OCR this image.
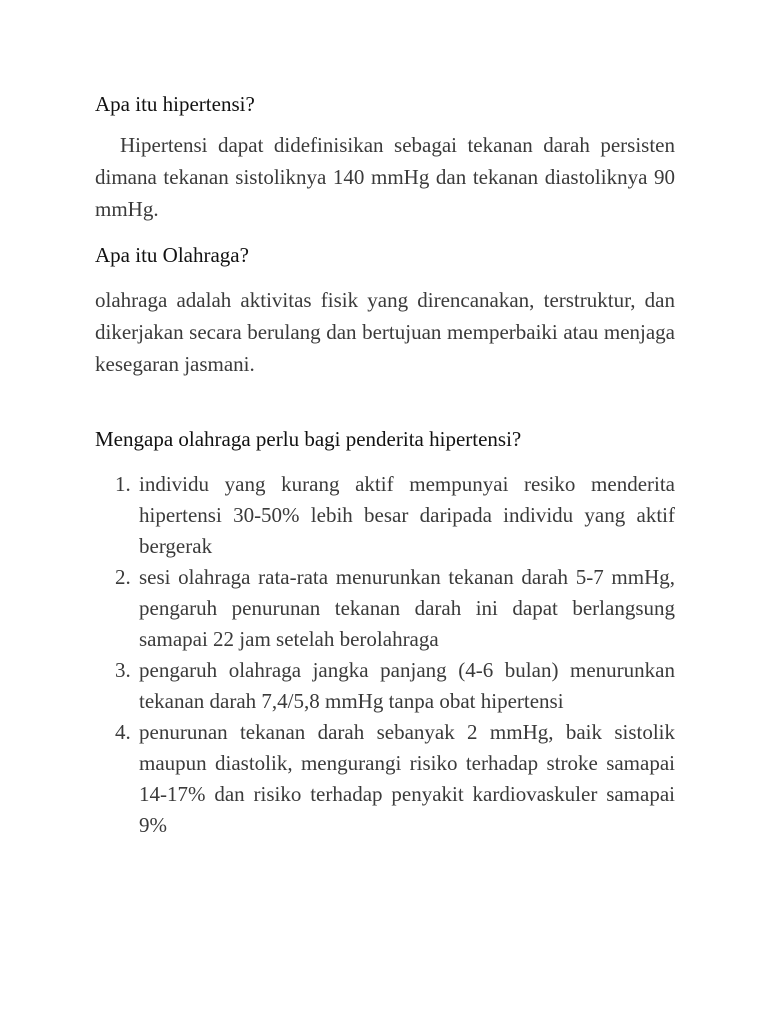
Apa itu hipertensi?

Hipertensi dapat didefinisikan sebagai tekanan darah persisten dimana tekanan sistoliknya 140 mmHg dan tekanan diastoliknya 90 mmHg.

Apa itu Olahraga?

olahraga adalah aktivitas fisik yang direncanakan, terstruktur, dan dikerjakan secara berulang dan bertujuan memperbaiki atau menjaga kesegaran jasmani.

Mengapa olahraga perlu bagi penderita hipertensi?
1. individu yang kurang aktif mempunyai resiko menderita hipertensi 30-50% lebih besar daripada individu yang aktif bergerak
2. sesi olahraga rata-rata menurunkan tekanan darah 5-7 mmHg, pengaruh penurunan tekanan darah ini dapat berlangsung samapai 22 jam setelah berolahraga
3. pengaruh olahraga jangka panjang (4-6 bulan) menurunkan tekanan darah 7,4/5,8 mmHg tanpa obat hipertensi
4. penurunan tekanan darah sebanyak 2 mmHg, baik sistolik maupun diastolik, mengurangi risiko terhadap stroke samapai 14-17% dan risiko terhadap penyakit kardiovaskuler samapai 9%
